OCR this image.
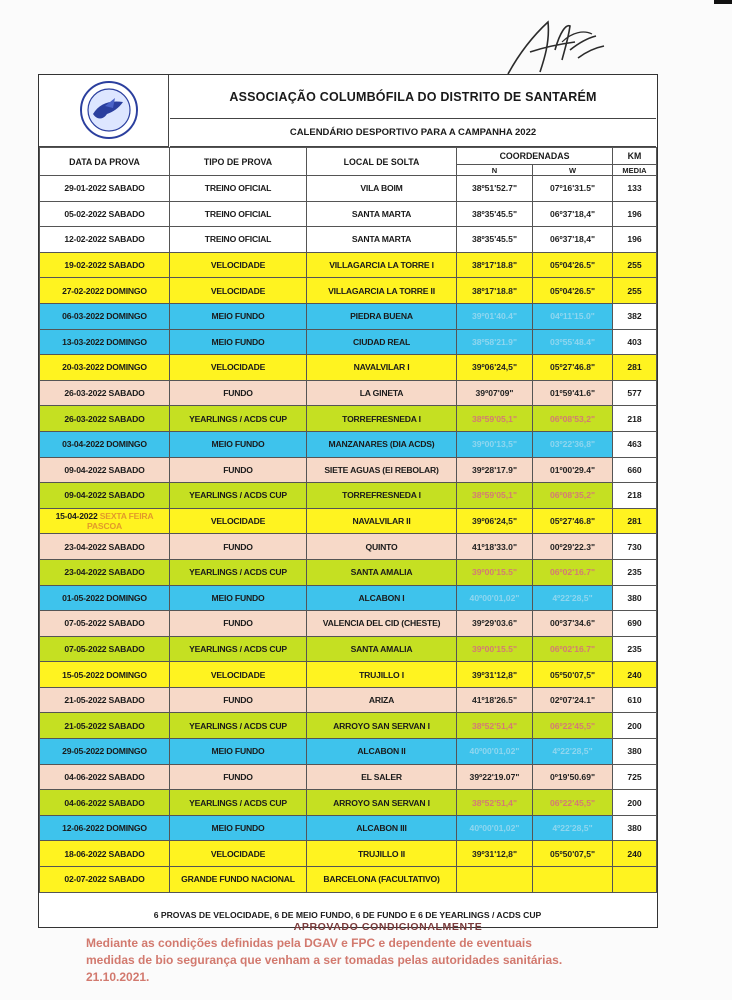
ASSOCIAÇÃO COLUMBÓFILA DO DISTRITO DE SANTARÉM
CALENDÁRIO DESPORTIVO PARA A CAMPANHA 2022
DATA DA PROVA	TIPO DE PROVA	LOCAL DE SOLTA	COORDENADAS		KM
			N	W	MEDIA
29-01-2022 SABADO	TREINO OFICIAL	VILA BOIM	38º51'52.7"	07º16'31.5"	133
05-02-2022 SABADO	TREINO OFICIAL	SANTA MARTA	38º35'45.5"	06º37'18,4"	196
12-02-2022 SABADO	TREINO OFICIAL	SANTA MARTA	38º35'45.5"	06º37'18,4"	196
19-02-2022 SABADO	VELOCIDADE	VILLAGARCIA LA TORRE I	38º17'18.8"	05º04'26.5"	255
27-02-2022 DOMINGO	VELOCIDADE	VILLAGARCIA LA TORRE II	38º17'18.8"	05º04'26.5"	255
06-03-2022 DOMINGO	MEIO FUNDO	PIEDRA BUENA	39º01'40.4"	04º11'15.0"	382
13-03-2022 DOMINGO	MEIO FUNDO	CIUDAD REAL	38º58'21.9"	03º55'48.4"	403
20-03-2022 DOMINGO	VELOCIDADE	NAVALVILAR I	39º06'24,5"	05º27'46.8"	281
26-03-2022 SABADO	FUNDO	LA GINETA	39º07'09"	01º59'41.6"	577
26-03-2022 SABADO	YEARLINGS / ACDS CUP	TORREFRESNEDA I	38º59'05,1"	06º08'53,2"	218
03-04-2022 DOMINGO	MEIO FUNDO	MANZANARES (DIA ACDS)	39º00'13,5"	03º22'36,8"	463
09-04-2022 SABADO	FUNDO	SIETE AGUAS (El REBOLAR)	39º28'17.9"	01º00'29.4"	660
09-04-2022 SABADO	YEARLINGS / ACDS CUP	TORREFRESNEDA I	38º59'05,1"	06º08'35,2"	218

15-04-2022 SEXTA FEIRA PASCOA	VELOCIDADE	NAVALVILAR II	39º06'24,5"	05º27'46.8"	281
23-04-2022 SABADO	FUNDO	QUINTO	41º18'33.0"	00º29'22.3"	730
23-04-2022 SABADO	YEARLINGS / ACDS CUP	SANTA AMALIA	39º00'15.5"	06º02'16.7"	235
01-05-2022 DOMINGO	MEIO FUNDO	ALCABON I	40º00'01,02"	4º22'28,5"	380
07-05-2022 SABADO	FUNDO	VALENCIA DEL CID (CHESTE)	39º29'03.6"	00º37'34.6"	690
07-05-2022 SABADO	YEARLINGS / ACDS CUP	SANTA AMALIA	39º00'15.5"	06º02'16.7"	235
15-05-2022 DOMINGO	VELOCIDADE	TRUJILLO I	39º31'12,8"	05º50'07,5"	240
21-05-2022 SABADO	FUNDO	ARIZA	41º18'26.5"	02º07'24.1"	610
21-05-2022 SABADO	YEARLINGS / ACDS CUP	ARROYO SAN SERVAN I	38º52'51,4"	06º22'45,5"	200
29-05-2022 DOMINGO	MEIO FUNDO	ALCABON II	40º00'01,02"	4º22'28,5"	380
04-06-2022 SABADO	FUNDO	EL SALER	39º22'19.07"	0º19'50.69"	725
04-06-2022 SABADO	YEARLINGS / ACDS CUP	ARROYO SAN SERVAN I	38º52'51,4"	06º22'45,5"	200
12-06-2022 DOMINGO	MEIO FUNDO	ALCABON III	40º00'01,02"	4º22'28,5"	380
18-06-2022 SABADO	VELOCIDADE	TRUJILLO II	39º31'12,8"	05º50'07,5"	240
02-07-2022 SABADO	GRANDE FUNDO NACIONAL	BARCELONA (FACULTATIVO)			
6 PROVAS DE VELOCIDADE, 6 DE MEIO FUNDO, 6 DE FUNDO E 6 DE YEARLINGS / ACDS CUP
APROVADO CONDICIONALMENTE
Mediante as condições definidas pela DGAV e FPC e dependente de eventuais
medidas de bio segurança que venham a ser tomadas pelas autoridades sanitárias.
21.10.2021.
